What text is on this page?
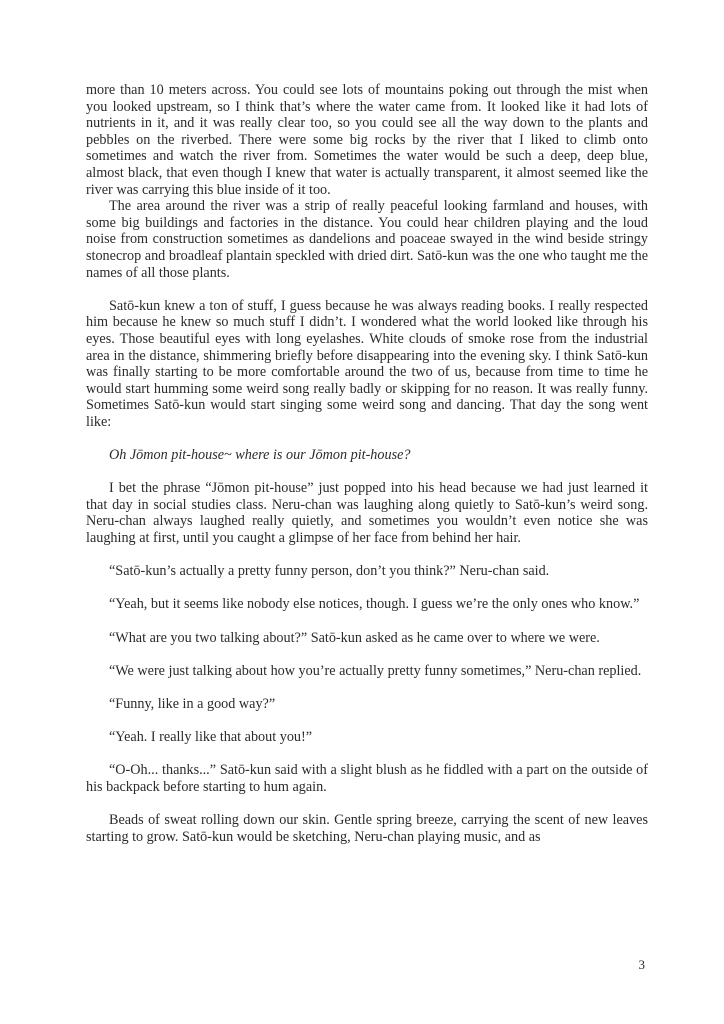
more than 10 meters across. You could see lots of mountains poking out through the mist when you looked upstream, so I think that’s where the water came from. It looked like it had lots of nutrients in it, and it was really clear too, so you could see all the way down to the plants and pebbles on the riverbed. There were some big rocks by the river that I liked to climb onto sometimes and watch the river from. Sometimes the water would be such a deep, deep blue, almost black, that even though I knew that water is actually transparent, it almost seemed like the river was carrying this blue inside of it too.

The area around the river was a strip of really peaceful looking farmland and houses, with some big buildings and factories in the distance. You could hear children playing and the loud noise from construction sometimes as dandelions and poaceae swayed in the wind beside stringy stonecrop and broadleaf plantain speckled with dried dirt. Satō-kun was the one who taught me the names of all those plants.

Satō-kun knew a ton of stuff, I guess because he was always reading books. I really respected him because he knew so much stuff I didn’t. I wondered what the world looked like through his eyes. Those beautiful eyes with long eyelashes. White clouds of smoke rose from the industrial area in the distance, shimmering briefly before disappearing into the evening sky. I think Satō-kun was finally starting to be more comfortable around the two of us, because from time to time he would start humming some weird song really badly or skipping for no reason. It was really funny. Sometimes Satō-kun would start singing some weird song and dancing. That day the song went like:

Oh Jōmon pit-house~ where is our Jōmon pit-house?

I bet the phrase “Jōmon pit-house” just popped into his head because we had just learned it that day in social studies class. Neru-chan was laughing along quietly to Satō-kun’s weird song. Neru-chan always laughed really quietly, and sometimes you wouldn’t even notice she was laughing at first, until you caught a glimpse of her face from behind her hair.

“Satō-kun’s actually a pretty funny person, don’t you think?” Neru-chan said.

“Yeah, but it seems like nobody else notices, though. I guess we’re the only ones who know.”

“What are you two talking about?” Satō-kun asked as he came over to where we were.

“We were just talking about how you’re actually pretty funny sometimes,” Neru-chan replied.

“Funny, like in a good way?”

“Yeah. I really like that about you!”

“O-Oh... thanks...” Satō-kun said with a slight blush as he fiddled with a part on the outside of his backpack before starting to hum again.

Beads of sweat rolling down our skin. Gentle spring breeze, carrying the scent of new leaves starting to grow. Satō-kun would be sketching, Neru-chan playing music, and as

3
